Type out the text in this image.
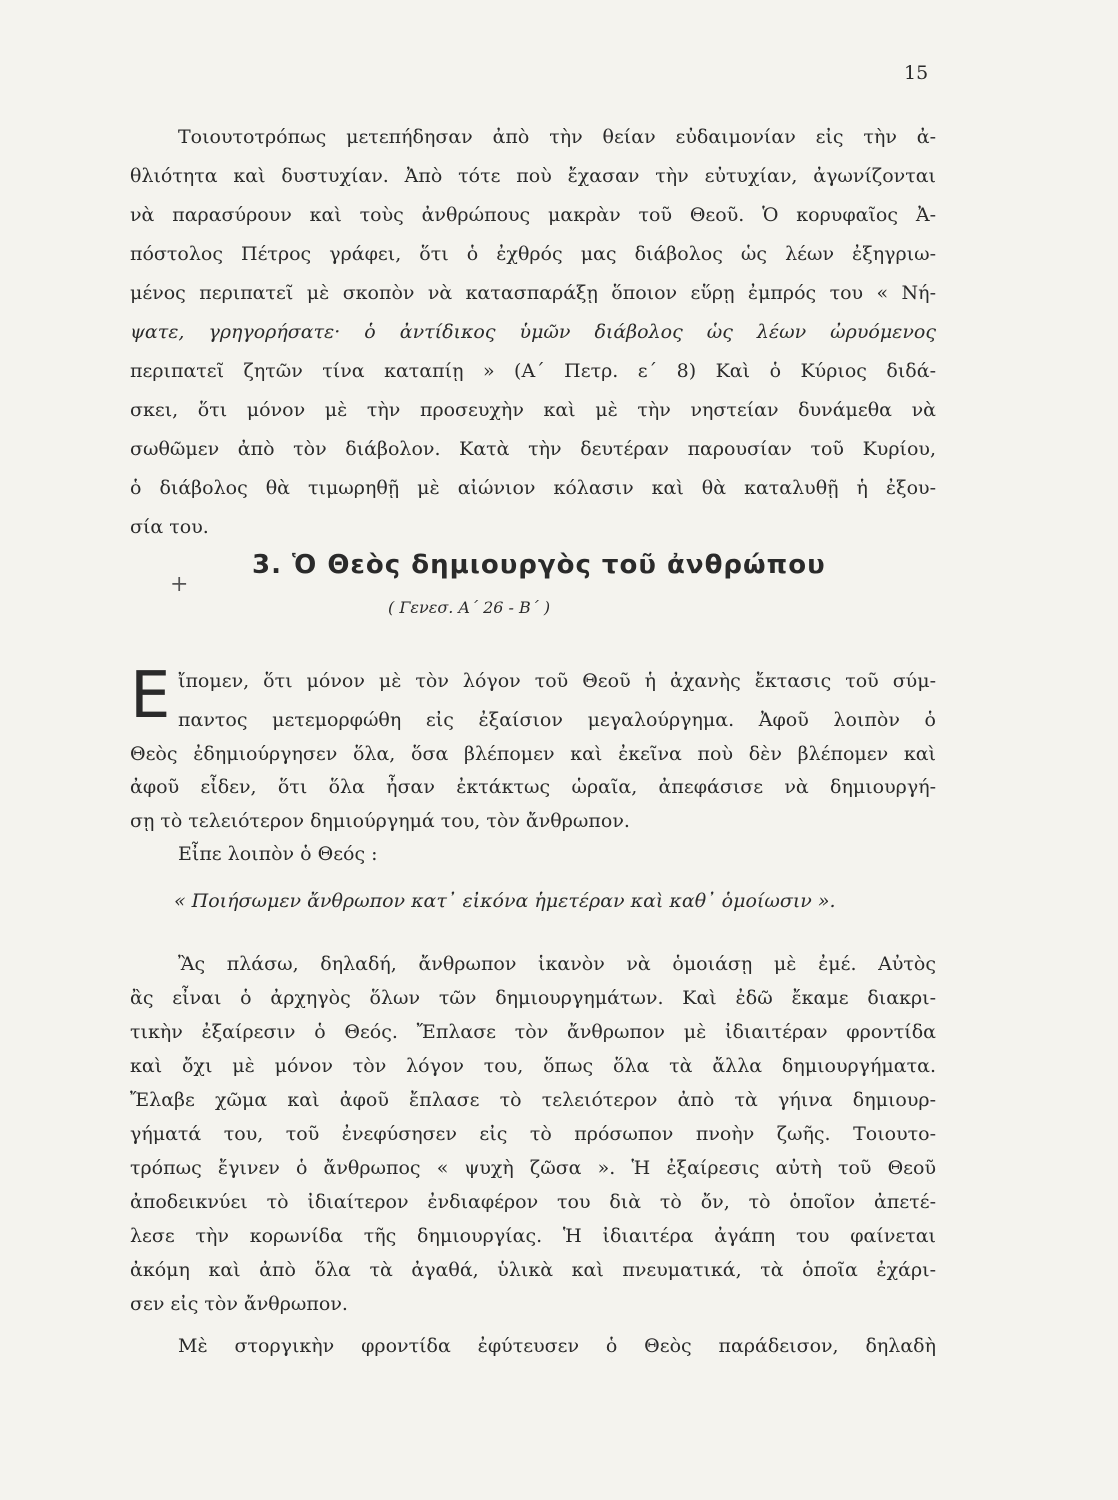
15
Τοιουτοτρόπως μετεπήδησαν ἀπὸ τὴν θείαν εὐδαιμονίαν εἰς τὴν ἀ-
θλιότητα καὶ δυστυχίαν. Ἀπὸ τότε ποὺ ἔχασαν τὴν εὐτυχίαν, ἀγωνίζονται
νὰ παρασύρουν καὶ τοὺς ἀνθρώπους μακρὰν τοῦ Θεοῦ. Ὁ κορυφαῖος Ἀ-
πόστολος Πέτρος γράφει, ὅτι ὁ ἐχθρός μας διάβολος ὡς λέων ἐξηγριω-
μένος περιπατεῖ μὲ σκοπὸν νὰ κατασπαράξῃ ὅποιον εὕρῃ ἐμπρός του « Νή-
ψατε, γρηγορήσατε· ὁ ἀντίδικος ὑμῶν διάβολος ὡς λέων ὠρυόμενος
περιπατεῖ ζητῶν τίνα καταπίῃ » (Α΄ Πετρ. ε΄ 8) Καὶ ὁ Κύριος διδά-
σκει, ὅτι μόνον μὲ τὴν προσευχὴν καὶ μὲ τὴν νηστείαν δυνάμεθα νὰ
σωθῶμεν ἀπὸ τὸν διάβολον. Κατὰ τὴν δευτέραν παρουσίαν τοῦ Κυρίου,
ὁ διάβολος θὰ τιμωρηθῇ μὲ αἰώνιον κόλασιν καὶ θὰ καταλυθῇ ἡ ἐξου-
σία του.
+
3. Ὁ Θεὸς δημιουργὸς τοῦ ἀνθρώπου
( Γενεσ. Α΄ 26 - Β΄ )
Ε ἴπομεν, ὅτι μόνον μὲ τὸν λόγον τοῦ Θεοῦ ἡ ἀχανὴς ἔκτασις τοῦ σύμ-
παντος μετεμορφώθη εἰς ἐξαίσιον μεγαλούργημα. Ἀφοῦ λοιπὸν ὁ
Θεὸς ἐδημιούργησεν ὅλα, ὅσα βλέπομεν καὶ ἐκεῖνα ποὺ δὲν βλέπομεν καὶ
ἀφοῦ εἶδεν, ὅτι ὅλα ἦσαν ἐκτάκτως ὡραῖα, ἀπεφάσισε νὰ δημιουργή-
σῃ τὸ τελειότερον δημιούργημά του, τὸν ἄνθρωπον.
Εἶπε λοιπὸν ὁ Θεός :
« Ποιήσωμεν ἄνθρωπον κατ᾽ εἰκόνα ἡμετέραν καὶ καθ᾽ ὁμοίωσιν ».
Ἂς πλάσω, δηλαδή, ἄνθρωπον ἱκανὸν νὰ ὁμοιάσῃ μὲ ἐμέ. Αὐτὸς
ἂς εἶναι ὁ ἀρχηγὸς ὅλων τῶν δημιουργημάτων. Καὶ ἐδῶ ἔκαμε διακρι-
τικὴν ἐξαίρεσιν ὁ Θεός. Ἔπλασε τὸν ἄνθρωπον μὲ ἰδιαιτέραν φροντίδα
καὶ ὄχι μὲ μόνον τὸν λόγον του, ὅπως ὅλα τὰ ἄλλα δημιουργήματα.
Ἔλαβε χῶμα καὶ ἀφοῦ ἔπλασε τὸ τελειότερον ἀπὸ τὰ γήινα δημιουρ-
γήματά του, τοῦ ἐνεφύσησεν εἰς τὸ πρόσωπον πνοὴν ζωῆς. Τοιουτο-
τρόπως ἔγινεν ὁ ἄνθρωπος « ψυχὴ ζῶσα ». Ἡ ἐξαίρεσις αὐτὴ τοῦ Θεοῦ
ἀποδεικνύει τὸ ἰδιαίτερον ἐνδιαφέρον του διὰ τὸ ὄν, τὸ ὁποῖον ἀπετέ-
λεσε τὴν κορωνίδα τῆς δημιουργίας. Ἡ ἰδιαιτέρα ἀγάπη του φαίνεται
ἀκόμη καὶ ἀπὸ ὅλα τὰ ἀγαθά, ὑλικὰ καὶ πνευματικά, τὰ ὁποῖα ἐχάρι-
σεν εἰς τὸν ἄνθρωπον.
Μὲ στοργικὴν φροντίδα ἐφύτευσεν ὁ Θεὸς παράδεισον, δηλαδὴ
